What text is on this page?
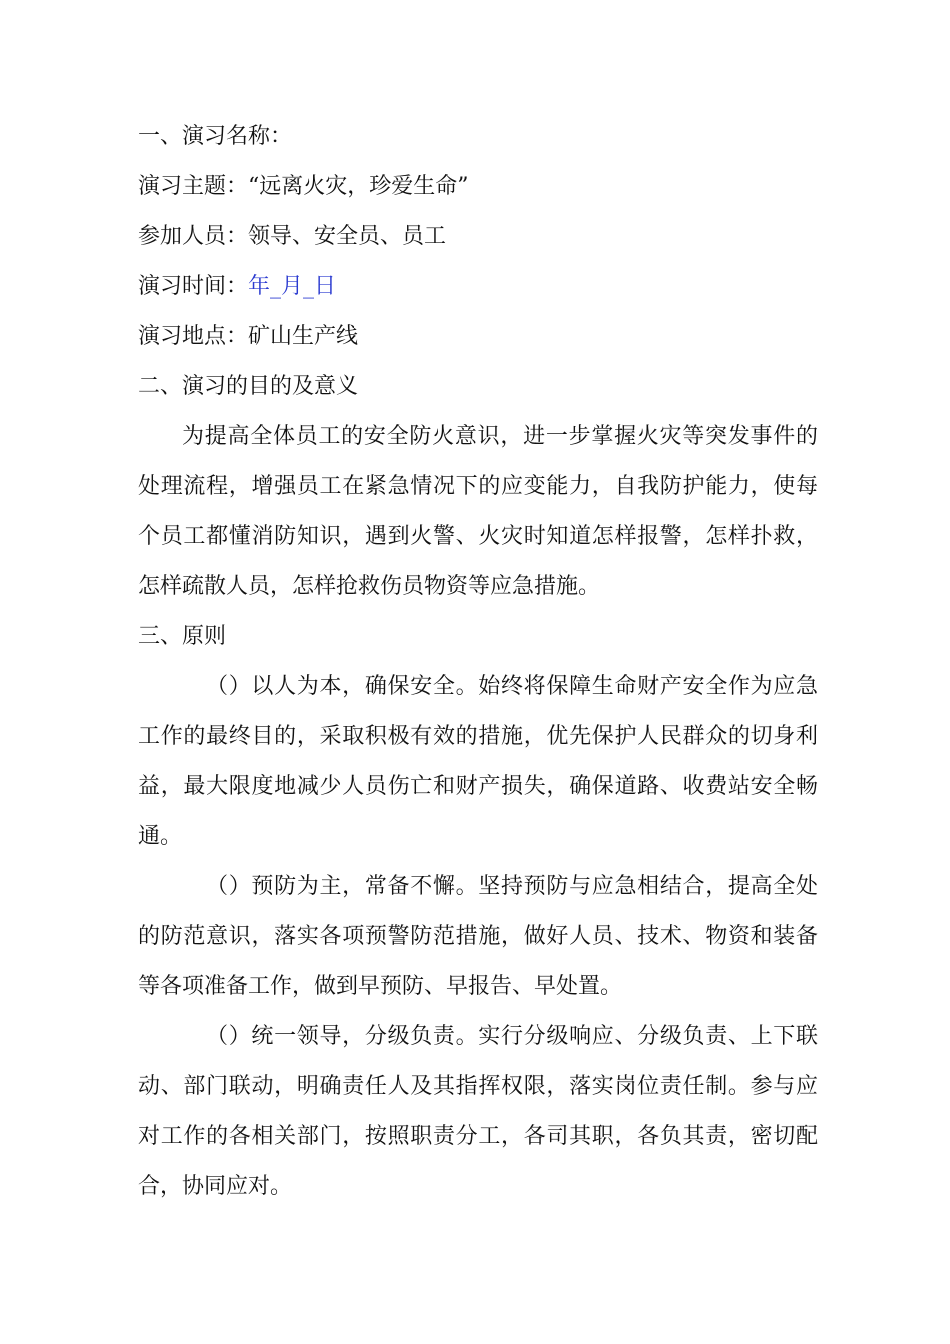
一、演习名称：
演习主题：“远离火灾，珍爱生命”
参加人员：领导、安全员、员工
演习时间：年_月_日
演习地点：矿山生产线
二、演习的目的及意义
为提高全体员工的安全防火意识，进一步掌握火灾等突发事件的处理流程，增强员工在紧急情况下的应变能力，自我防护能力，使每个员工都懂消防知识，遇到火警、火灾时知道怎样报警，怎样扑救，怎样疏散人员，怎样抢救伤员物资等应急措施。
三、原则
（）以人为本，确保安全。始终将保障生命财产安全作为应急工作的最终目的，采取积极有效的措施，优先保护人民群众的切身利益，最大限度地减少人员伤亡和财产损失，确保道路、收费站安全畅通。
（）预防为主，常备不懈。坚持预防与应急相结合，提高全处的防范意识，落实各项预警防范措施，做好人员、技术、物资和装备等各项准备工作，做到早预防、早报告、早处置。
（）统一领导，分级负责。实行分级响应、分级负责、上下联动、部门联动，明确责任人及其指挥权限，落实岗位责任制。参与应对工作的各相关部门，按照职责分工，各司其职，各负其责，密切配合，协同应对。
